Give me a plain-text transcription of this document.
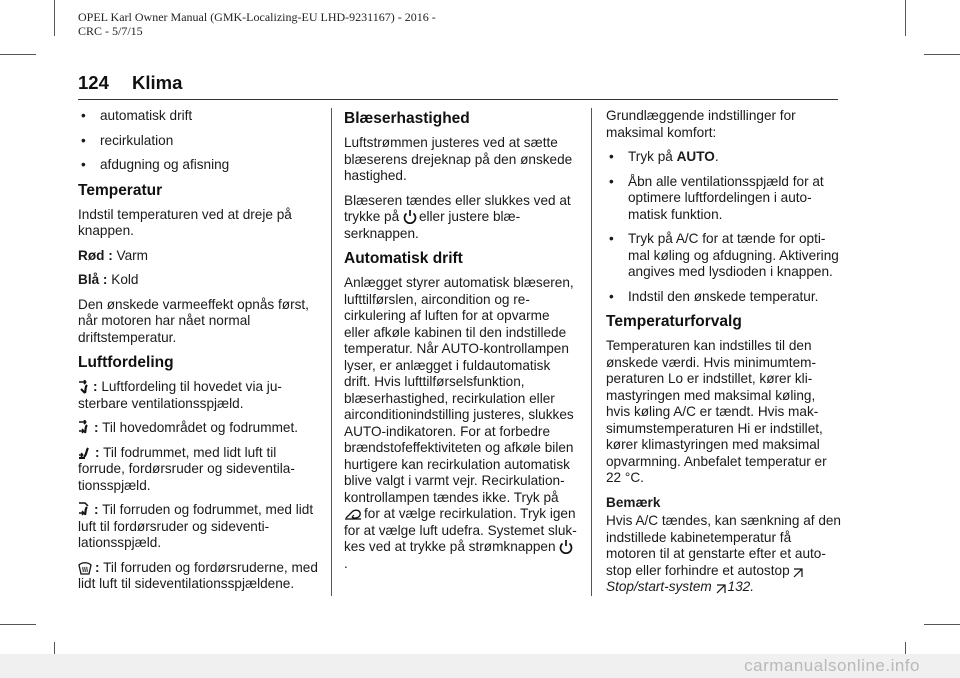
OPEL Karl Owner Manual (GMK-Localizing-EU LHD-9231167) - 2016 -
CRC - 5/7/15
124 Klima
• automatisk drift
• recirkulation
• afdugning og afisning
Temperatur

Indstil temperaturen ved at dreje på knappen.

Rød : Varm

Blå : Kold

Den ønskede varmeeffekt opnås først, når motoren har nået normal driftstemperatur.

Luftfordeling

: Luftfordeling til hovedet via justerbare ventilationsspjæld.

: Til hovedområdet og fodrummet.

: Til fodrummet, med lidt luft til forrude, fordørsruder og sideventilationsspjæld.

: Til forruden og fodrummet, med lidt luft til fordørsruder og sideventilationsspjæld.

: Til forruden og fordørsruderne, med lidt luft til sideventilationsspjældene.

Blæserhastighed

Luftstrømmen justeres ved at sætte blæserens drejeknap på den ønskede hastighed.

Blæseren tændes eller slukkes ved at trykke på eller justere blæserknappen.

Automatisk drift

Anlægget styrer automatisk blæseren, lufttilførslen, aircondition og recirkulering af luften for at opvarme eller afkøle kabinen til den indstillede temperatur. Når AUTO-kontrollampen lyser, er anlægget i fuldautomatisk drift. Hvis lufttilførselsfunktion, blæserhastighed, recirkulation eller airconditionindstilling justeres, slukkes AUTO-indikatoren. For at forbedre brændstofeffektiviteten og afkøle bilen hurtigere kan recirkulation automatisk blive valgt i varmt vejr. Recirkulation-kontrollampen tændes ikke. Tryk på
for at vælge recirkulation. Tryk igen for at vælge luft udefra. Systemet slukkes ved at trykke på strømknappen
.

Grundlæggende indstillinger for maksimal komfort:

• Tryk på AUTO.
• Åbn alle ventilationsspjæld for at optimere luftfordelingen i automatisk funktion.
• Tryk på A/C for at tænde for optimal køling og afdugning. Aktivering angives med lysdioden i knappen.
• Indstil den ønskede temperatur.
Temperaturforvalg

Temperaturen kan indstilles til den ønskede værdi. Hvis minimumtemperaturen Lo er indstillet, kører klimastyringen med maksimal køling, hvis køling A/C er tændt. Hvis maksimumstemperaturen Hi er indstillet, kører klimastyringen med maksimal opvarmning. Anbefalet temperatur er 22 °C.

Bemærk

Hvis A/C tændes, kan sænkning af den indstillede kabinetemperatur få motoren til at genstarte efter et autostop eller forhindre et autostop

Stop/start-system 132.

carmanualsonline.info
